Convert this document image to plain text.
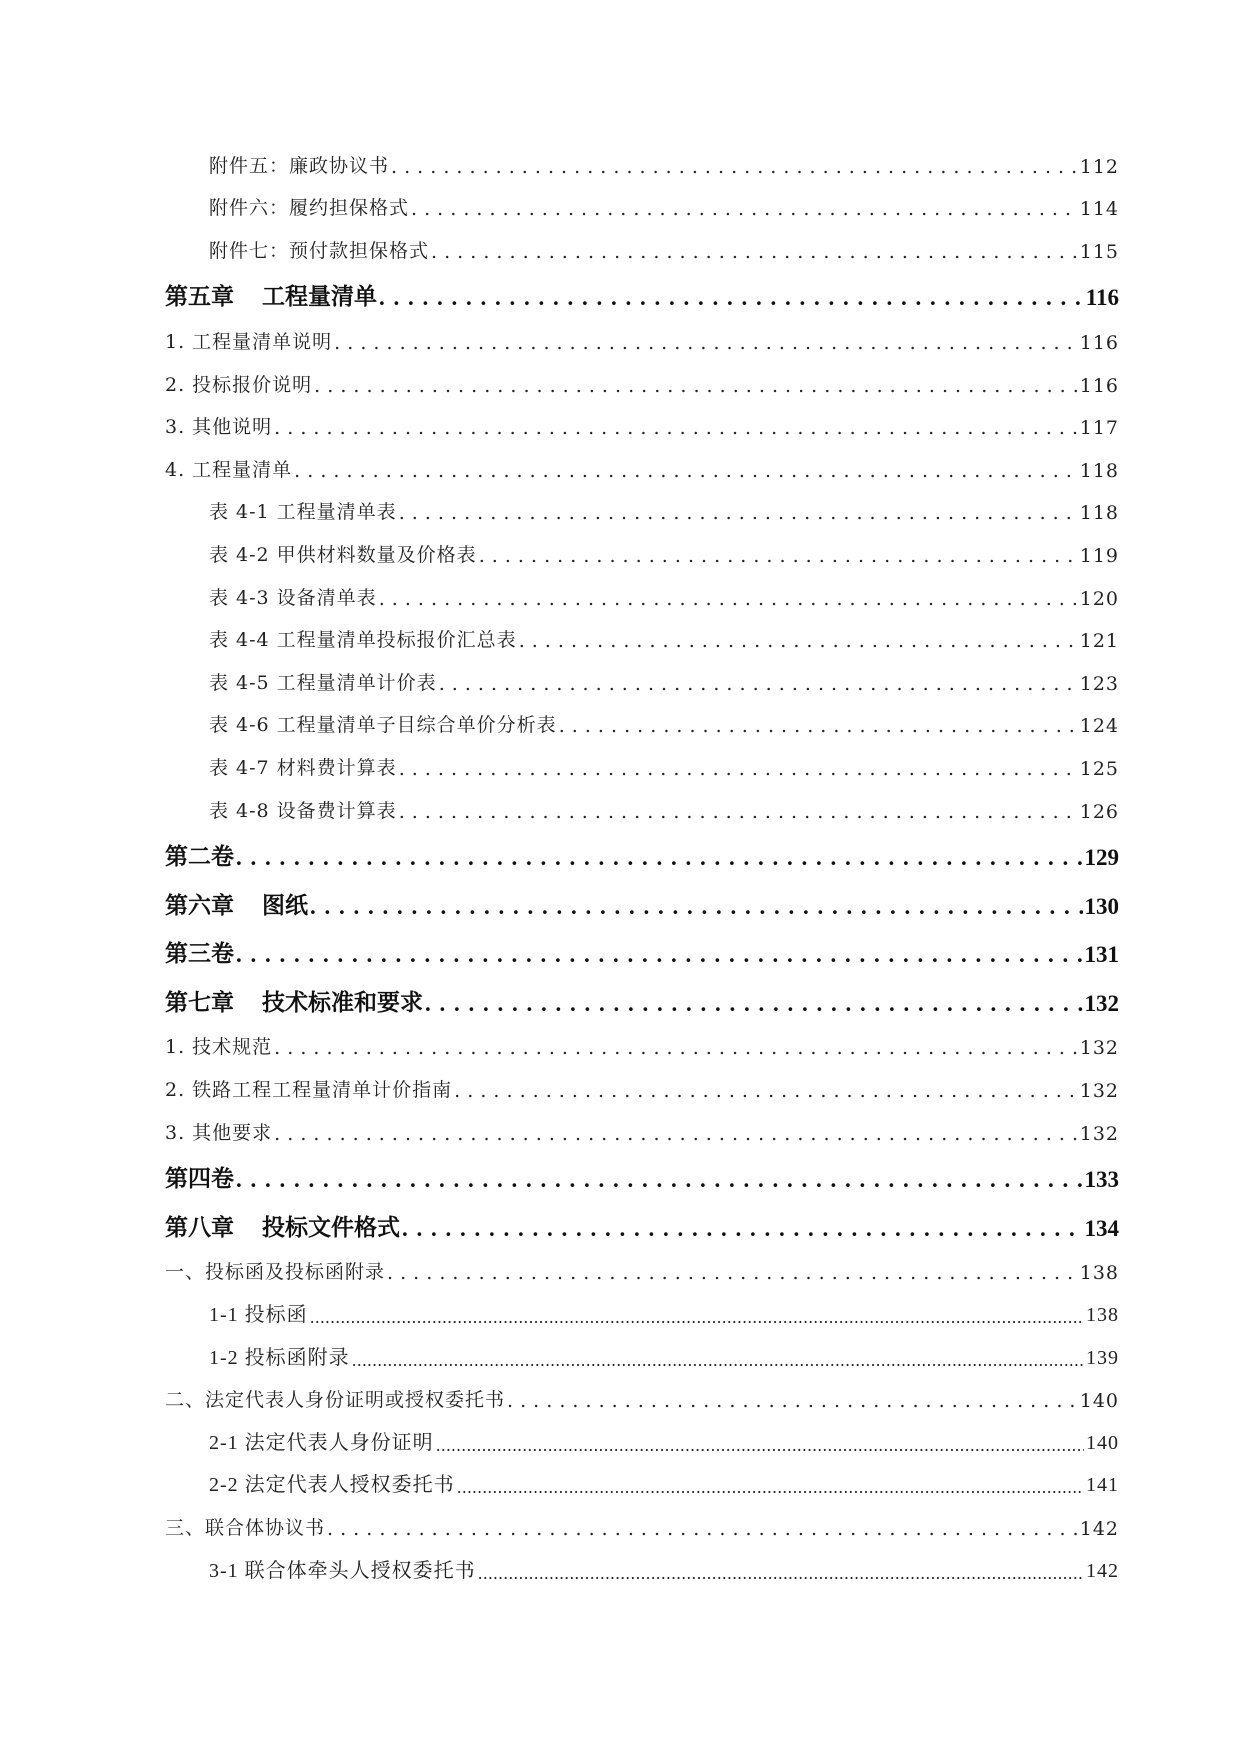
附件五：廉政协议书 . . .	112
附件六：履约担保格式 . . .	114
附件七：预付款担保格式 . . .	115
第五章 工程量清单 . . .	116
1. 工程量清单说明 . . .	116
2. 投标报价说明 . . .	116
3. 其他说明 . . .	117
4. 工程量清单 . . .	118
表 4-1 工程量清单表 . . .	118
表 4-2 甲供材料数量及价格表 . . .	119
表 4-3 设备清单表 . . .	120
表 4-4 工程量清单投标报价汇总表 . . .	121
表 4-5 工程量清单计价表 . . .	123
表 4-6 工程量清单子目综合单价分析表 . . .	124
表 4-7 材料费计算表 . . .	125
表 4-8 设备费计算表 . . .	126
第二卷 . . .	129
第六章 图纸 . . .	130
第三卷 . . .	131
第七章 技术标准和要求 . . .	132
1. 技术规范 . . .	132
2. 铁路工程工程量清单计价指南 . . .	132
3. 其他要求 . . .	132
第四卷 . . .	133
第八章 投标文件格式 . . .	134
一、投标函及投标函附录 . . .	138
1-1 投标函 .....	138
1-2 投标函附录 .....	139
二、法定代表人身份证明或授权委托书 . . .	140
2-1 法定代表人身份证明 .....	140
2-2 法定代表人授权委托书 .....	141
三、联合体协议书 . . .	142
3-1 联合体牵头人授权委托书 .....	142
